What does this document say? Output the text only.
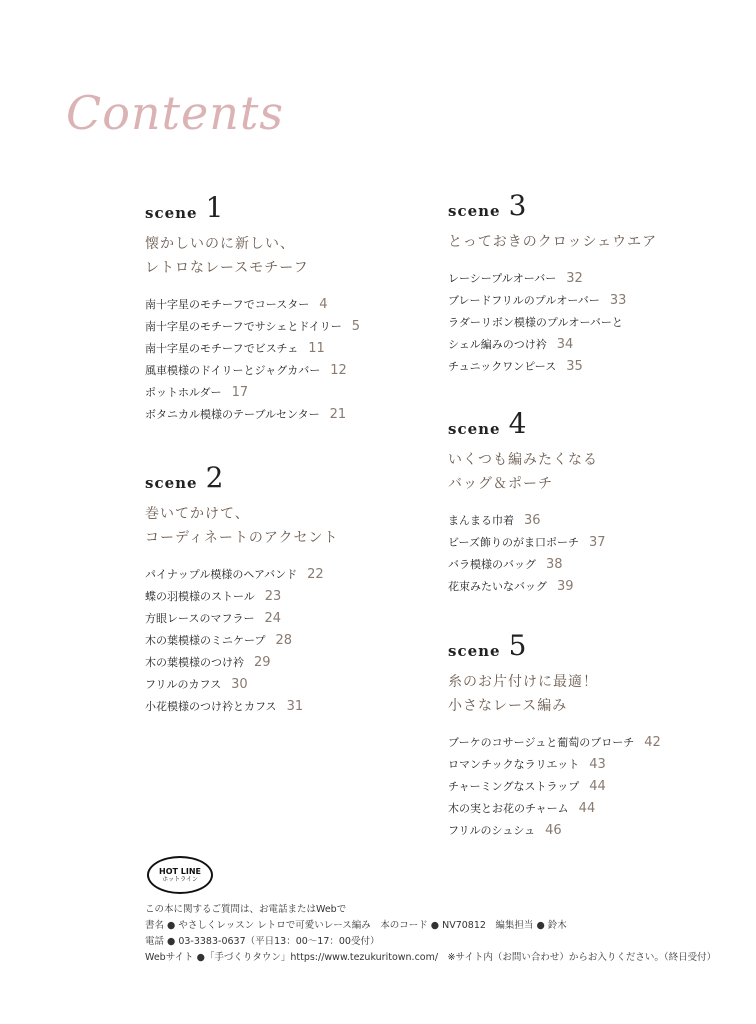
Contents
scene 1
懐かしいのに新しい、
レトロなレースモチーフ
南十字星のモチーフでコースター 4
南十字星のモチーフでサシェとドイリー 5
南十字星のモチーフでビスチェ 11
風車模様のドイリーとジャグカバー 12
ポットホルダー 17
ボタニカル模様のテーブルセンター 21
scene 2
巻いてかけて、
コーディネートのアクセント
パイナップル模様のヘアバンド 22
蝶の羽模様のストール 23
方眼レースのマフラー 24
木の葉模様のミニケープ 28
木の葉模様のつけ衿 29
フリルのカフス 30
小花模様のつけ衿とカフス 31
scene 3
とっておきのクロッシェウエア
レーシープルオーバー 32
ブレードフリルのプルオーバー 33
ラダーリボン模様のプルオーバーと
シェル編みのつけ衿 34
チュニックワンピース 35
scene 4
いくつも編みたくなる
バッグ＆ポーチ
まんまる巾着 36
ビーズ飾りのがま口ポーチ 37
バラ模様のバッグ 38
花束みたいなバッグ 39
scene 5
糸のお片付けに最適！
小さなレース編み
ブーケのコサージュと葡萄のブローチ 42
ロマンチックなラリエット 43
チャーミングなストラップ 44
木の実とお花のチャーム 44
フリルのシュシュ 46
HOT LINE
ホットライン
この本に関するご質問は、お電話またはWebで
書名 ● やさしくレッスン レトロで可愛いレース編み　本のコード ● NV70812　編集担当 ● 鈴木
電話 ● 03-3383-0637（平日13：00〜17：00受付）
Webサイト ●「手づくりタウン」https://www.tezukuritown.com/　※サイト内（お問い合わせ）からお入りください。（終日受付）
